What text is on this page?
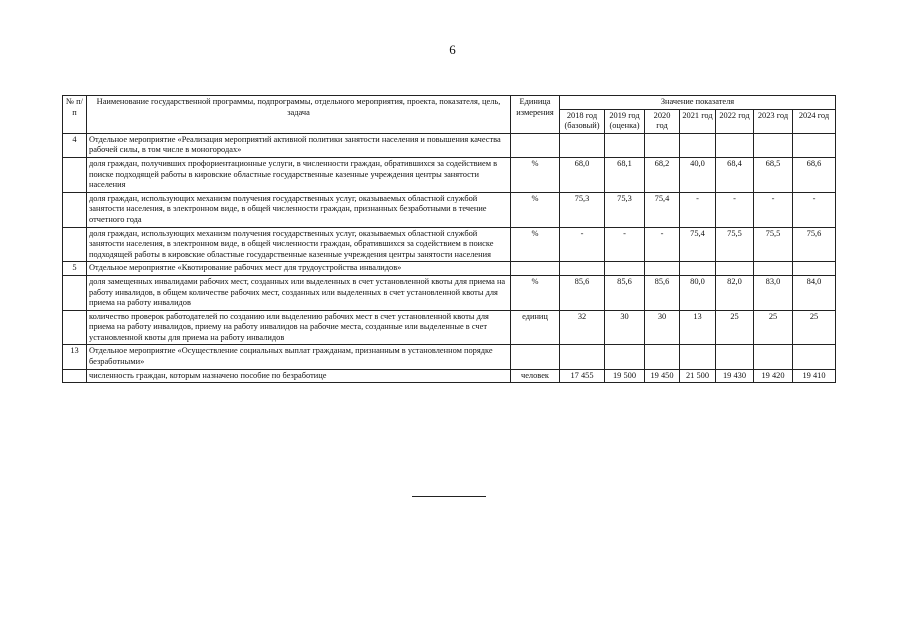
6
№ п/п	Наименование государственной программы, подпрограммы, отдельного мероприятия, проекта, показателя, цель, задача	Единица измерения	Значение показателя						
			2018 год (базовый)	2019 год (оценка)	2020 год	2021 год	2022 год	2023 год	2024 год
4	Отдельное мероприятие «Реализация мероприятий активной политики занятости населения и повышения качества рабочей силы, в том числе в моногородах»								
	доля граждан, получивших профориентационные услуги, в численности граждан, обратившихся за содействием в поиске подходящей работы в кировские областные государственные казенные учреждения центры занятости населения	%	68,0	68,1	68,2	40,0	68,4	68,5	68,6
	доля граждан, использующих механизм получения государственных услуг, оказываемых областной службой занятости населения, в электронном виде, в общей численности граждан, признанных безработными в течение отчетного года	%	75,3	75,3	75,4	-	-	-	-
	доля граждан, использующих механизм получения государственных услуг, оказываемых областной службой занятости населения, в электронном виде, в общей численности граждан, обратившихся за содействием в поиске подходящей работы в кировские областные государственные казенные учреждения центры занятости населения	%	-	-	-	75,4	75,5	75,5	75,6
5	Отдельное мероприятие «Квотирование рабочих мест для трудоустройства инвалидов»								
	доля замещенных инвалидами рабочих мест, созданных или выделенных в счет установленной квоты для приема на работу инвалидов, в общем количестве рабочих мест, созданных или выделенных в счет установленной квоты для приема на работу инвалидов	%	85,6	85,6	85,6	80,0	82,0	83,0	84,0
	количество проверок работодателей по созданию или выделению рабочих мест в счет установленной квоты для приема на работу инвалидов, приему на работу инвалидов на рабочие места, созданные или выделенные в счет установленной квоты для приема на работу инвалидов	единиц	32	30	30	13	25	25	25
13	Отдельное мероприятие «Осуществление социальных выплат гражданам, признанным в установленном порядке безработными»								
	численность граждан, которым назначено пособие по безработице	человек	17 455	19 500	19 450	21 500	19 430	19 420	19 410
